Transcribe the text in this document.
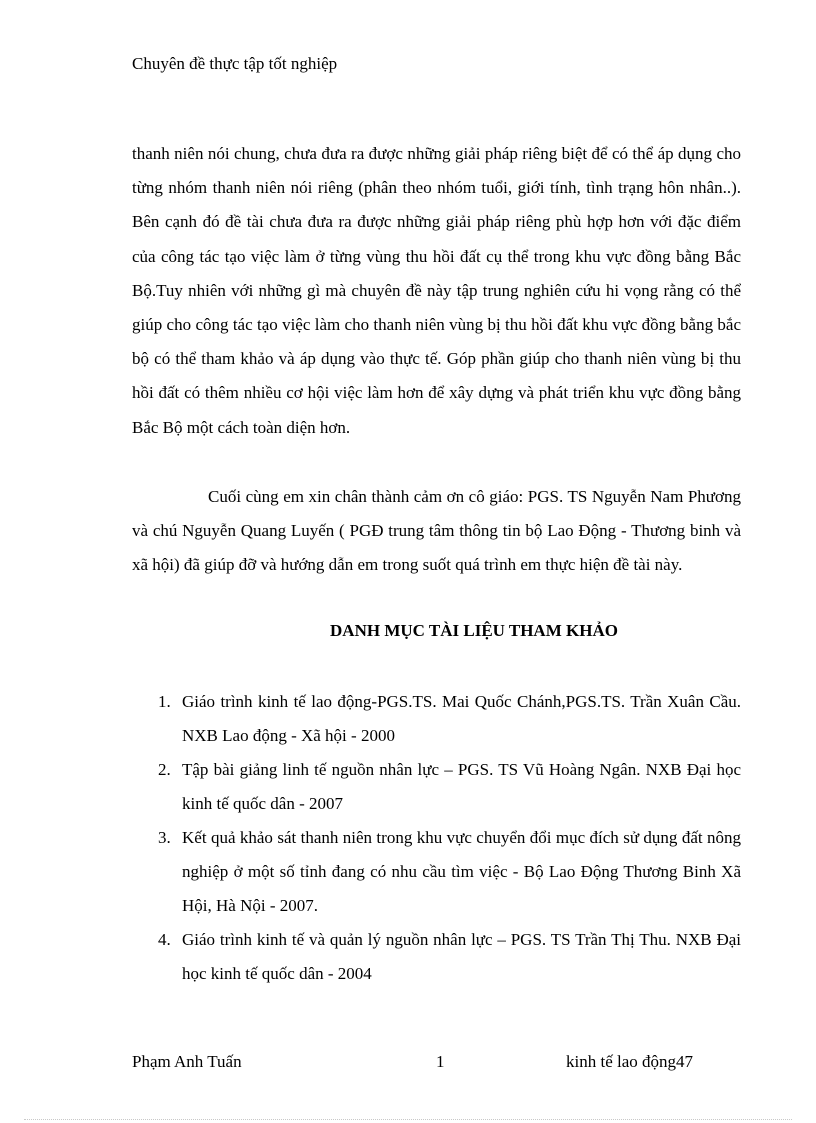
Chuyên đề thực tập tốt nghiệp

thanh niên nói chung, chưa đưa ra được những giải pháp riêng biệt để có thể áp dụng cho từng nhóm thanh niên nói riêng (phân theo nhóm tuổi, giới tính, tình trạng hôn nhân..). Bên cạnh đó đề tài chưa đưa ra được những giải pháp riêng phù hợp hơn với đặc điểm của công tác tạo việc làm ở từng vùng thu hồi đất cụ thể trong khu vực đồng bằng Bắc Bộ.Tuy nhiên với những gì mà chuyên đề này tập trung nghiên cứu hi vọng rằng có thể giúp cho công tác tạo việc làm cho thanh niên vùng bị thu hồi đất khu vực đồng bằng bắc bộ có thể tham khảo và áp dụng vào thực tế. Góp phần giúp cho thanh niên vùng bị thu hồi đất có thêm nhiều cơ hội việc làm hơn để xây dựng và phát triển khu vực đồng bằng Bắc Bộ một cách toàn diện hơn.

Cuối cùng em xin chân thành cảm ơn cô giáo: PGS. TS Nguyễn Nam Phương và chú Nguyễn Quang Luyến ( PGĐ trung tâm thông tin bộ Lao Động - Thương binh và xã hội) đã giúp đỡ và hướng dẫn em trong suốt quá trình em thực hiện đề tài này.

DANH MỤC TÀI LIỆU THAM KHẢO
1. Giáo trình kinh tế lao động-PGS.TS. Mai Quốc Chánh,PGS.TS. Trần Xuân Cầu. NXB Lao động - Xã hội - 2000
2. Tập bài giảng linh tế nguồn nhân lực – PGS. TS Vũ Hoàng Ngân. NXB Đại học kinh tế quốc dân - 2007
3. Kết quả khảo sát thanh niên trong khu vực chuyển đổi mục đích sử dụng đất nông nghiệp ở một số tỉnh đang có nhu cầu tìm việc - Bộ Lao Động Thương Binh Xã Hội, Hà Nội - 2007.
4. Giáo trình kinh tế và quản lý nguồn nhân lực – PGS. TS Trần Thị Thu. NXB Đại học kinh tế quốc dân - 2004
Phạm Anh Tuấn	1	kinh tế lao động47
